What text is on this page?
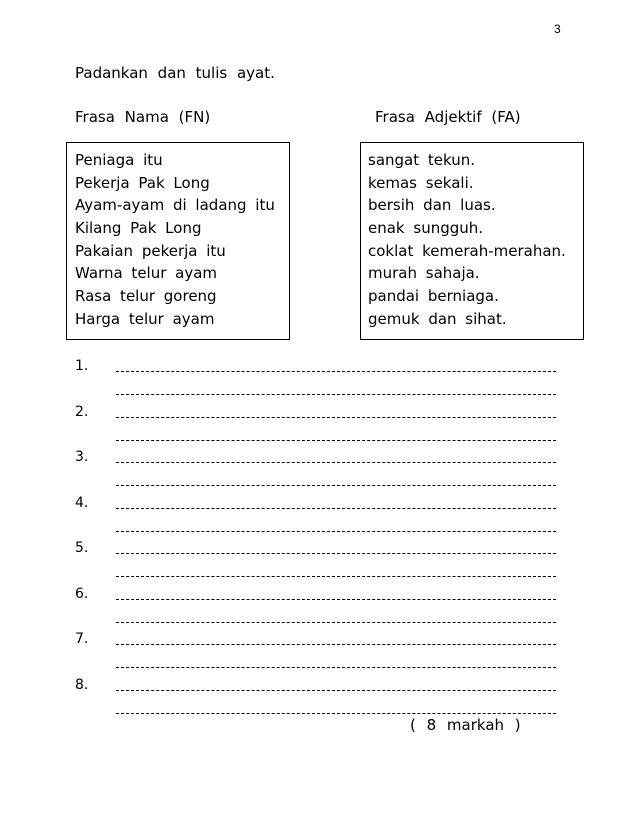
3
Padankan dan tulis ayat.
Frasa Nama (FN)	Frasa Adjektif (FA)
Peniaga itu
Pekerja Pak Long
Ayam-ayam di ladang itu
Kilang Pak Long
Pakaian pekerja itu
Warna telur ayam
Rasa telur goreng
Harga telur ayam
sangat tekun.
kemas sekali.
bersih dan luas.
enak sungguh.
coklat kemerah-merahan.
murah sahaja.
pandai berniaga.
gemuk dan sihat.
1.
2.
3.
4.
5.
6.
7.
8.
( 8 markah )
